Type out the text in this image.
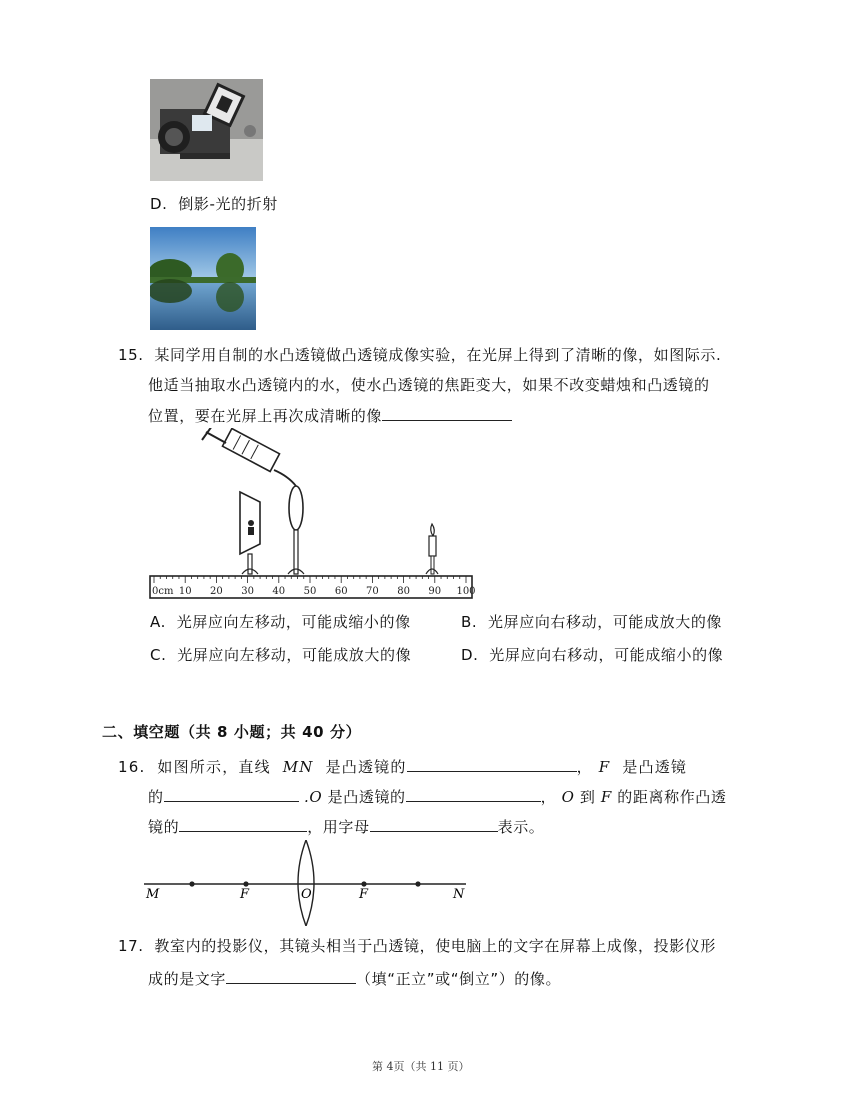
D. 倒影-光的折射
15. 某同学用自制的水凸透镜做凸透镜成像实验，在光屏上得到了清晰的像，如图际示.
他适当抽取水凸透镜内的水，使水凸透镜的焦距变大，如果不改变蜡烛和凸透镜的
位置，要在光屏上再次成清晰的像
0cm 10 20 30 40 50 60 70 80 90 100
A. 光屏应向左移动，可能成缩小的像	B. 光屏应向右移动，可能成放大的像
C. 光屏应向左移动，可能成放大的像	D. 光屏应向右移动，可能成缩小的像
二、填空题（共 8 小题；共 40 分）
16. 如图所示，直线 MN 是凸透镜的	， F 是凸透镜
的	.O 是凸透镜的	， O 到 F 的距离称作凸透
镜的	，用字母	表示。
M	F	O	F	N
17. 教室内的投影仪，其镜头相当于凸透镜，使电脑上的文字在屏幕上成像，投影仪形
成的是文字	（填“正立”或“倒立”）的像。
第 4页（共 11 页）
